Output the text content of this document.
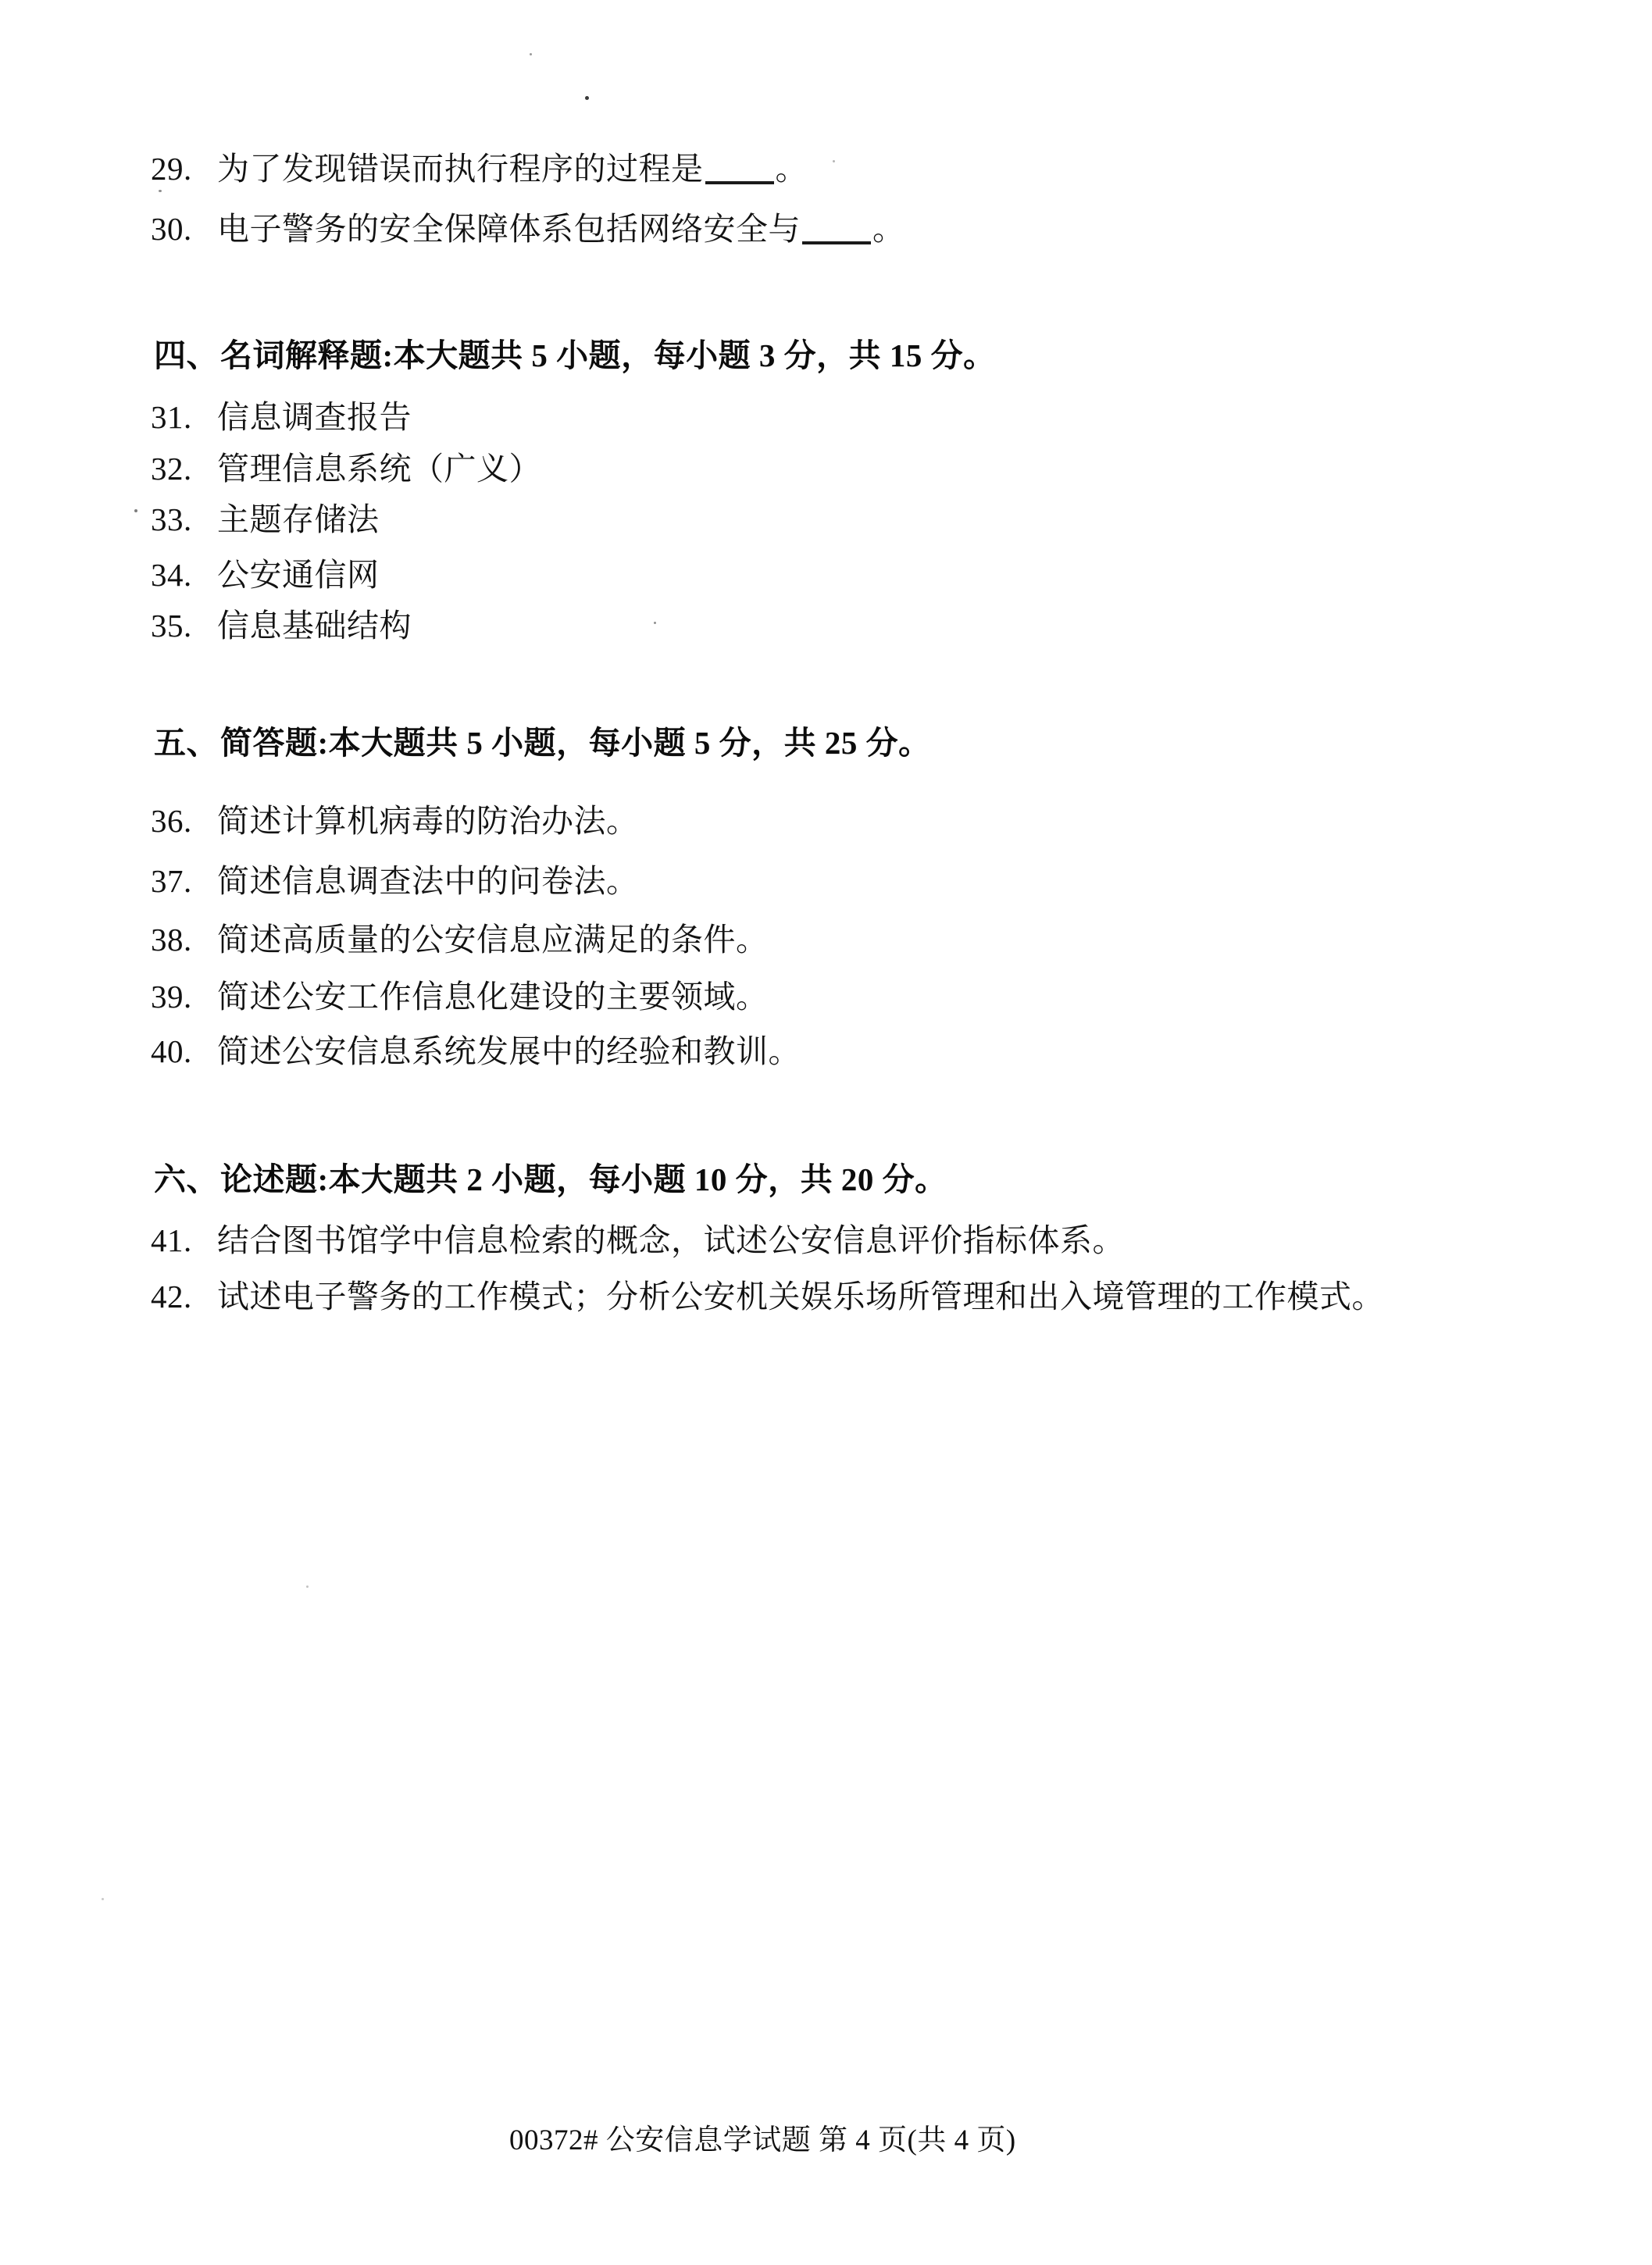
29. 为了发现错误而执行程序的过程是 。
30. 电子警务的安全保障体系包括网络安全与 。
四、名词解释题:本大题共 5 小题，每小题 3 分，共 15 分。
31. 信息调查报告
32. 管理信息系统（广义）
33. 主题存储法
34. 公安通信网
35. 信息基础结构
五、简答题:本大题共 5 小题，每小题 5 分，共 25 分。
36. 简述计算机病毒的防治办法。
37. 简述信息调查法中的问卷法。
38. 简述高质量的公安信息应满足的条件。
39. 简述公安工作信息化建设的主要领域。
40. 简述公安信息系统发展中的经验和教训。
六、论述题:本大题共 2 小题，每小题 10 分，共 20 分。
41. 结合图书馆学中信息检索的概念，试述公安信息评价指标体系。
42. 试述电子警务的工作模式；分析公安机关娱乐场所管理和出入境管理的工作模式。
00372# 公安信息学试题 第 4 页(共 4 页)
